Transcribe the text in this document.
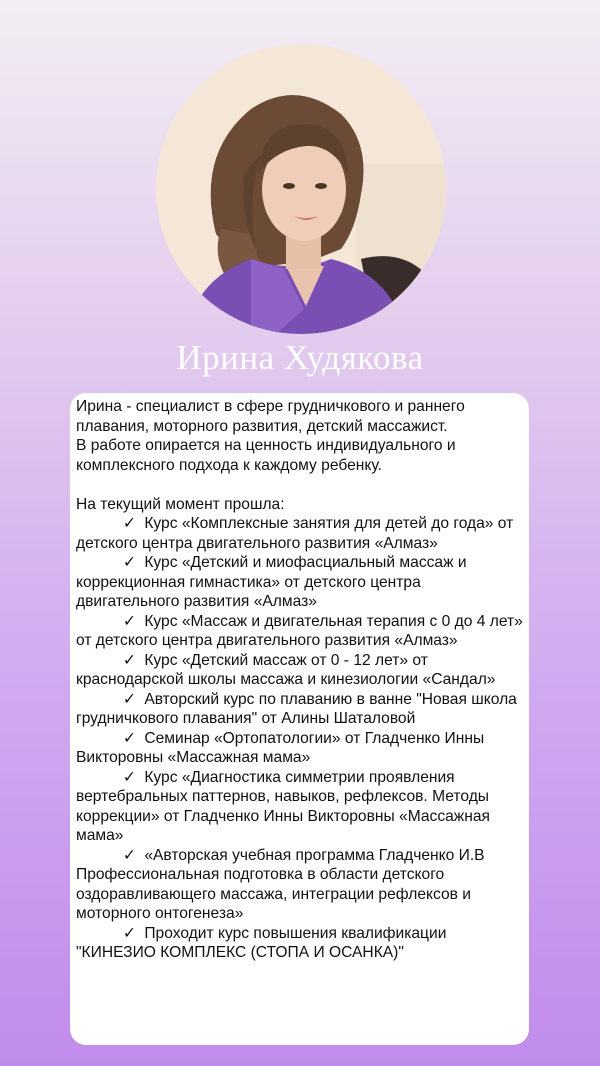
Ирина Худякова

Ирина - специалист в сфере грудничкового и раннего плавания, моторного развития, детский массажист.

В работе опирается на ценность индивидуального и комплексного подхода к каждому ребенку.

На текущий момент прошла:

✓ Курс «Комплексные занятия для детей до года» от детского центра двигательного развития «Алмаз»
✓ Курс «Детский и миофасциальный массаж и коррекционная гимнастика» от детского центра двигательного развития «Алмаз»
✓ Курс «Массаж и двигательная терапия с 0 до 4 лет» от детского центра двигательного развития «Алмаз»
✓ Курс «Детский массаж от 0 - 12 лет» от краснодарской школы массажа и кинезиологии «Сандал»
✓ Авторский курс по плаванию в ванне "Новая школа грудничкового плавания" от Алины Шаталовой
✓ Семинар «Ортопатологии» от Гладченко Инны Викторовны «Массажная мама»
✓ Курс «Диагностика симметрии проявления вертебральных паттернов, навыков, рефлексов. Методы коррекции» от Гладченко Инны Викторовны «Массажная мама»
✓ «Авторская учебная программа Гладченко И.В Профессиональная подготовка в области детского оздоравливающего массажа, интеграции рефлексов и моторного онтогенеза»
✓ Проходит курс повышения квалификации "КИНЕЗИО КОМПЛЕКС (СТОПА И ОСАНКА)"
